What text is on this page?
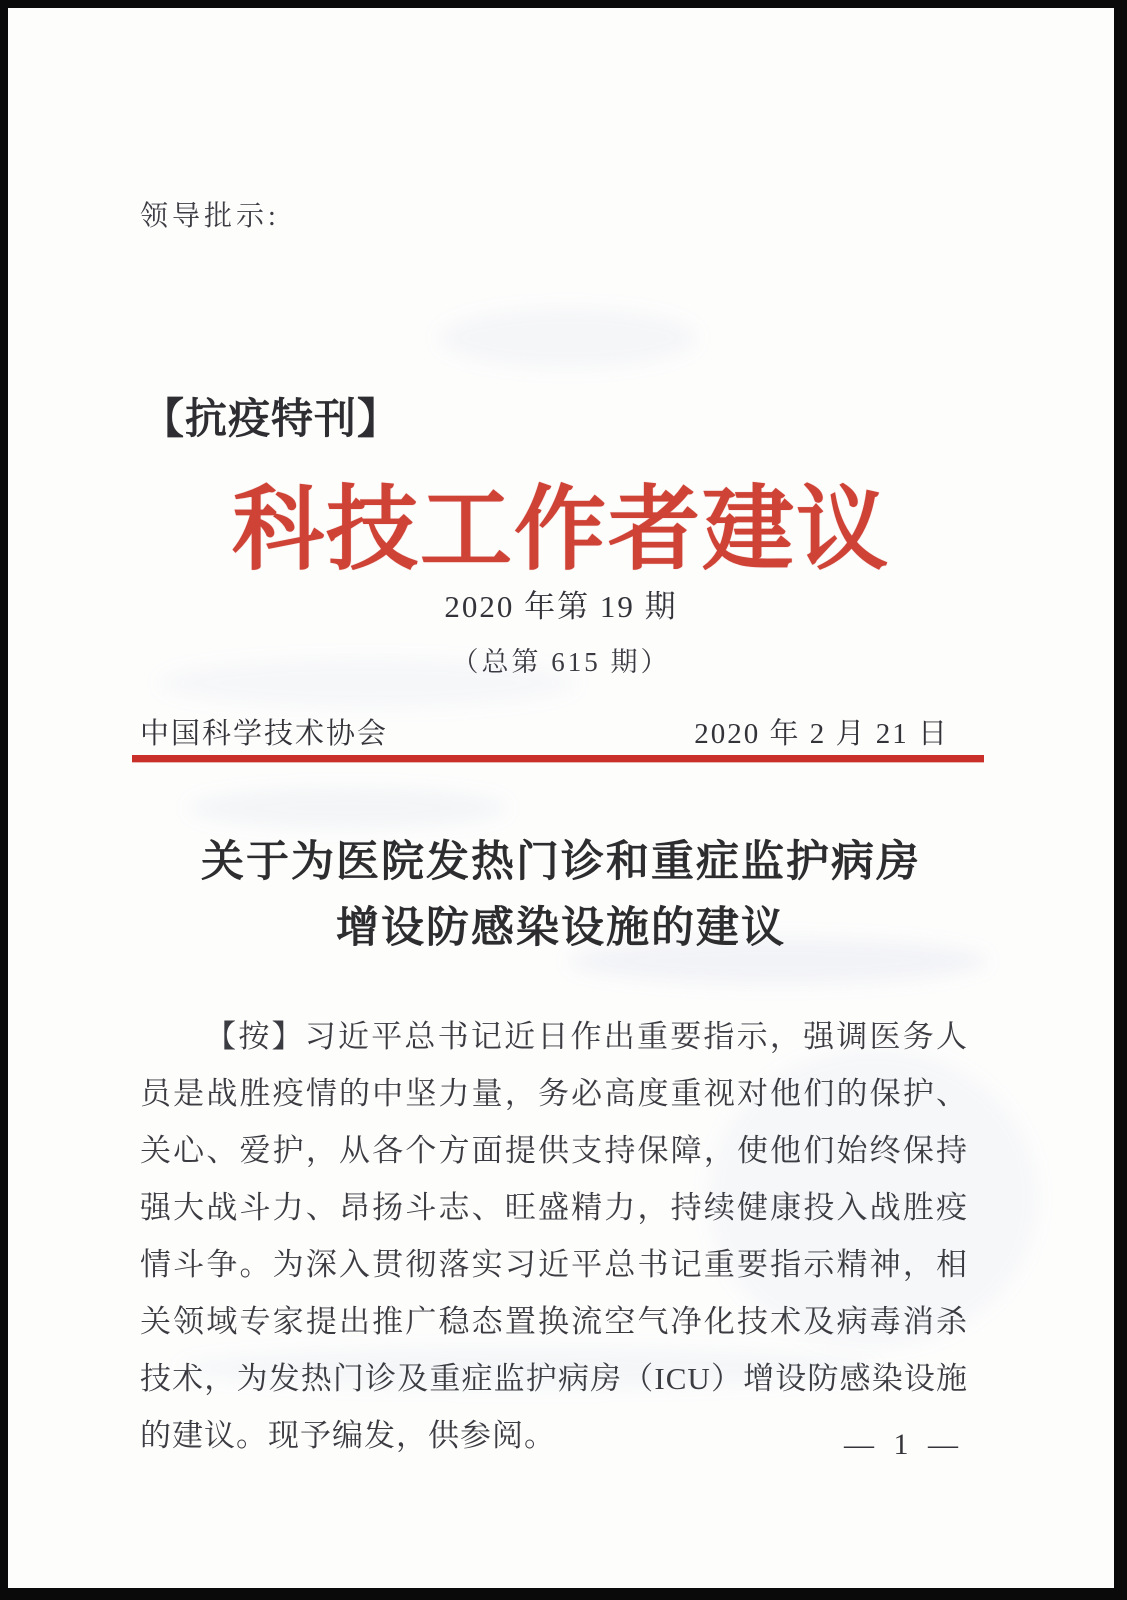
领导批示:
【抗疫特刊】
科技工作者建议
2020 年第 19 期
（总第 615 期）
中国科学技术协会	2020 年 2 月 21 日
关于为医院发热门诊和重症监护病房
增设防感染设施的建议
【按】习近平总书记近日作出重要指示，强调医务人员是战胜疫情的中坚力量，务必高度重视对他们的保护、关心、爱护，从各个方面提供支持保障，使他们始终保持强大战斗力、昂扬斗志、旺盛精力，持续健康投入战胜疫情斗争。为深入贯彻落实习近平总书记重要指示精神，相关领域专家提出推广稳态置换流空气净化技术及病毒消杀技术，为发热门诊及重症监护病房（ICU）增设防感染设施的建议。现予编发，供参阅。	— 1 —
